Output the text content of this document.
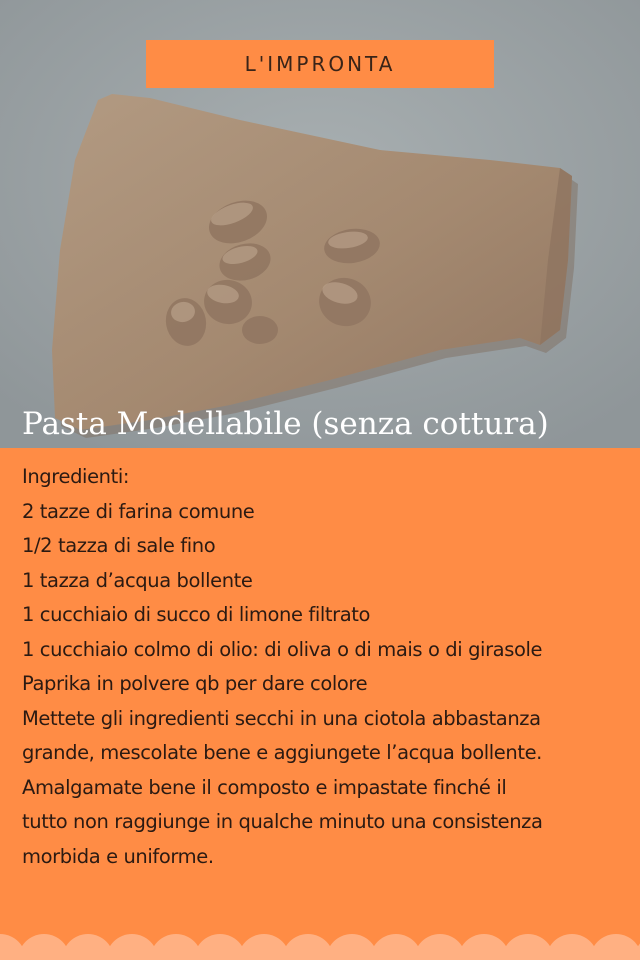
L'IMPRONTA
Pasta Modellabile (senza cottura)
Ingredienti:
2 tazze di farina comune
1/2 tazza di sale fino
1 tazza d’acqua bollente
1 cucchiaio di succo di limone filtrato
1 cucchiaio colmo di olio: di oliva o di mais o di girasole
Paprika in polvere qb per dare colore
Mettete gli ingredienti secchi in una ciotola abbastanza
grande, mescolate bene e aggiungete l’acqua bollente.
Amalgamate bene il composto e impastate finché il
tutto non raggiunge in qualche minuto una consistenza
morbida e uniforme.
